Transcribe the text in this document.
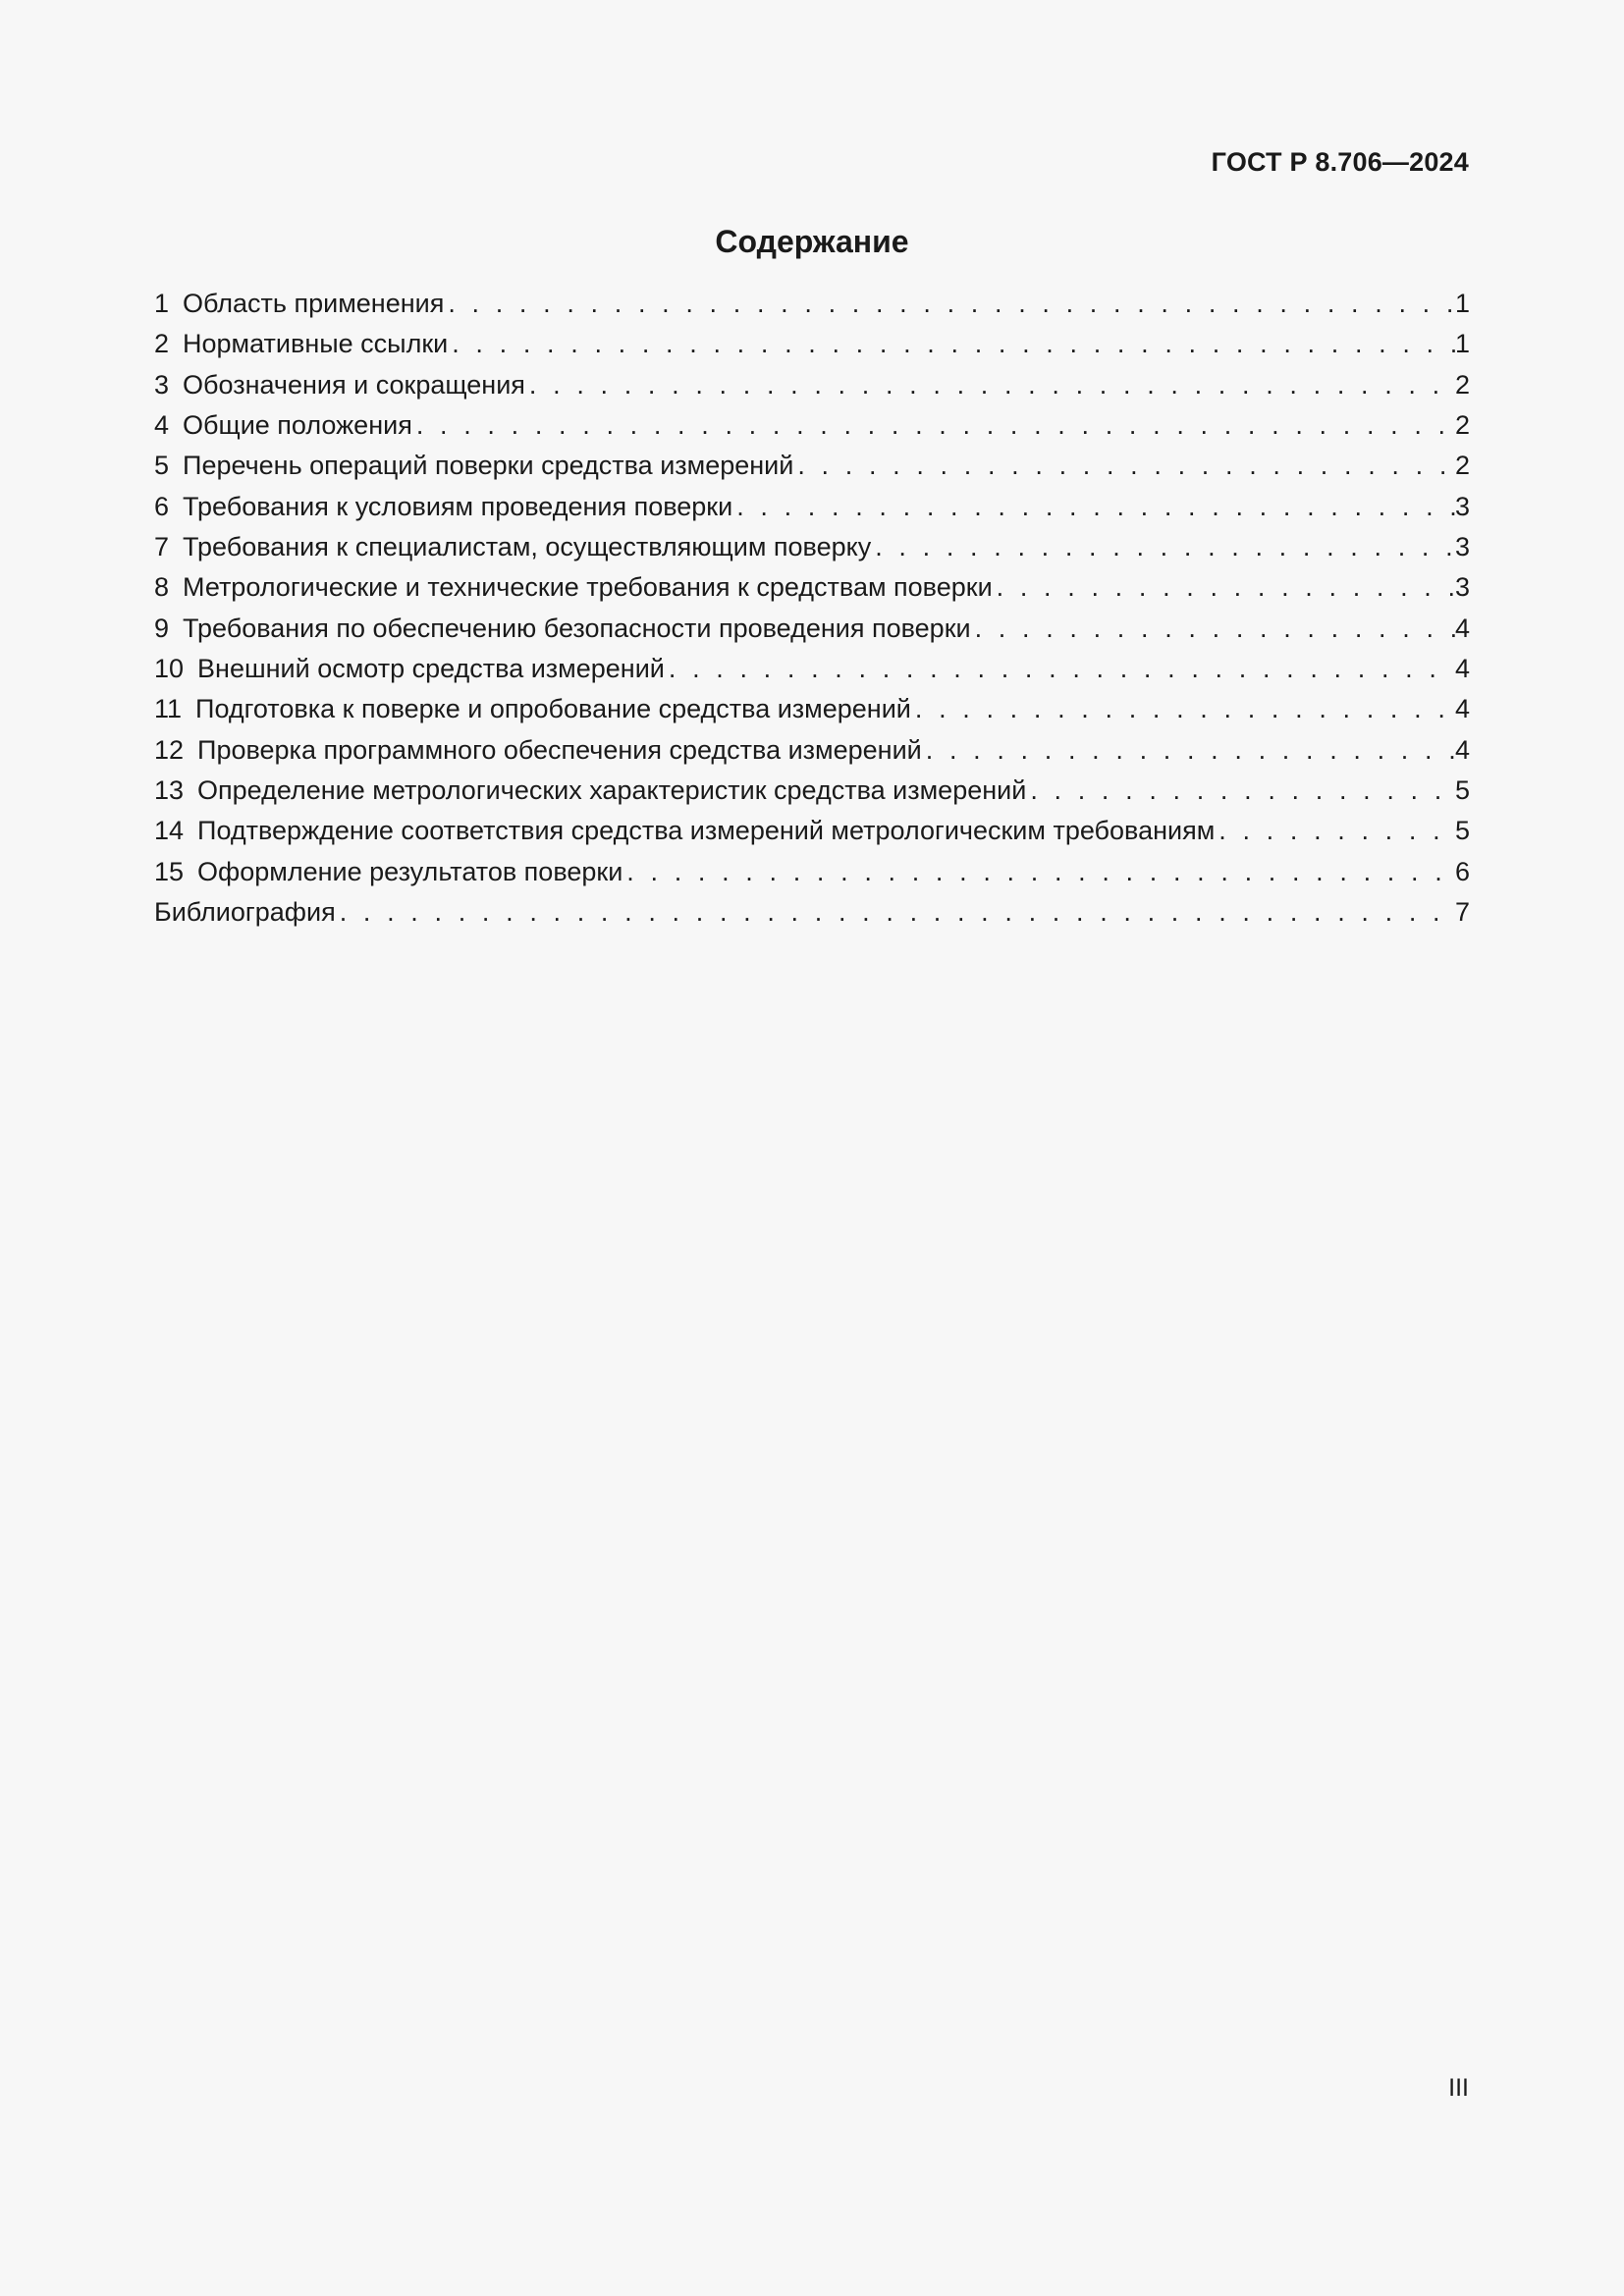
ГОСТ Р 8.706—2024

Содержание
1 Область применения . . .	1
2 Нормативные ссылки . . .	1
3 Обозначения и сокращения . . .	2
4 Общие положения . . .	2
5 Перечень операций поверки средства измерений . . .	2
6 Требования к условиям проведения поверки . . .	3
7 Требования к специалистам, осуществляющим поверку . . .	3
8 Метрологические и технические требования к средствам поверки . . .	3
9 Требования по обеспечению безопасности проведения поверки . . .	4
10 Внешний осмотр средства измерений . . .	4
11 Подготовка к поверке и опробование средства измерений . . .	4
12 Проверка программного обеспечения средства измерений . . .	4
13 Определение метрологических характеристик средства измерений . . .	5
14 Подтверждение соответствия средства измерений метрологическим требованиям . . .	5
15 Оформление результатов поверки . . .	6
Библиография . . .	7

III
